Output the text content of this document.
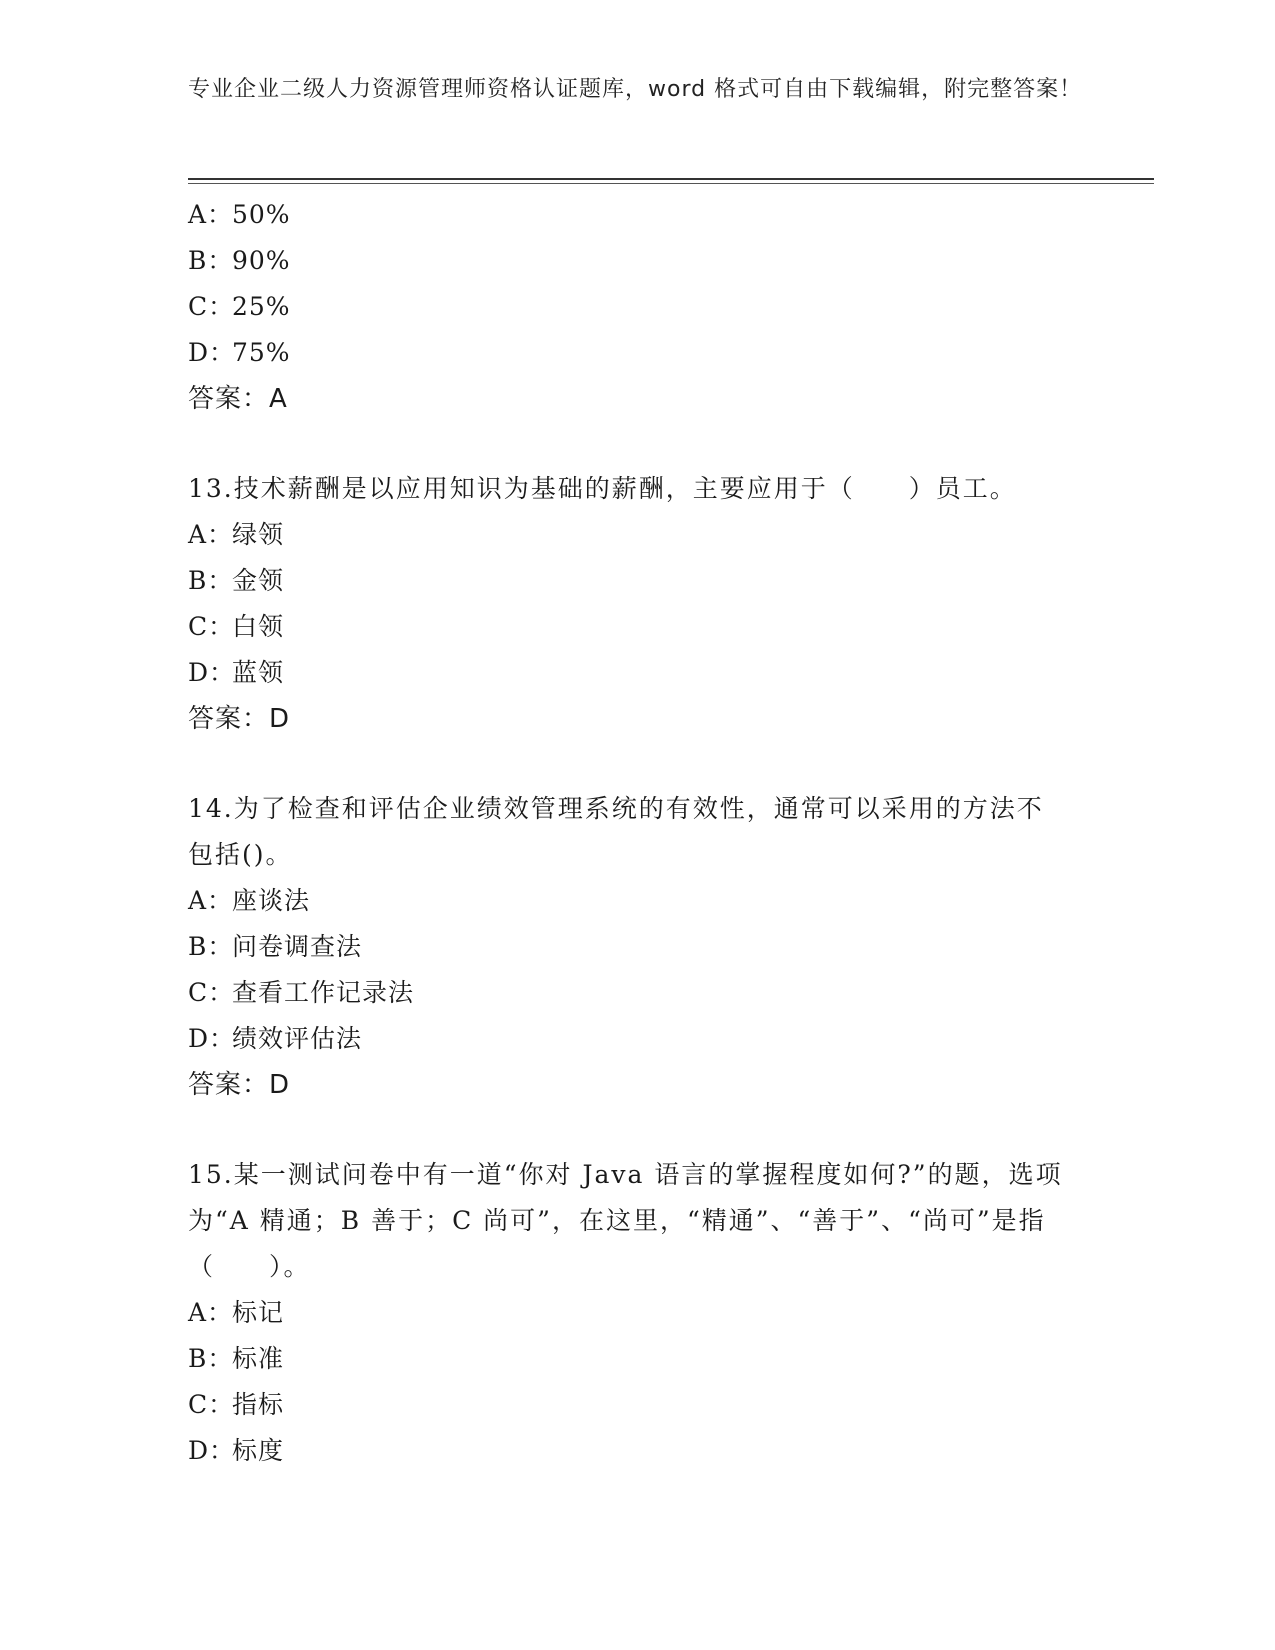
专业企业二级人力资源管理师资格认证题库，word 格式可自由下载编辑，附完整答案！
A：50%
B：90%
C：25%
D：75%
答案：A
13.技术薪酬是以应用知识为基础的薪酬，主要应用于（　　）员工。
A：绿领
B：金领
C：白领
D：蓝领
答案：D
14.为了检查和评估企业绩效管理系统的有效性，通常可以采用的方法不包括()。
A：座谈法
B：问卷调查法
C：查看工作记录法
D：绩效评估法
答案：D
15.某一测试问卷中有一道“你对 Java 语言的掌握程度如何?”的题，选项为“A 精通；B 善于；C 尚可”，在这里，“精通”、“善于”、“尚可”是指（　　）。
A：标记
B：标准
C：指标
D：标度
